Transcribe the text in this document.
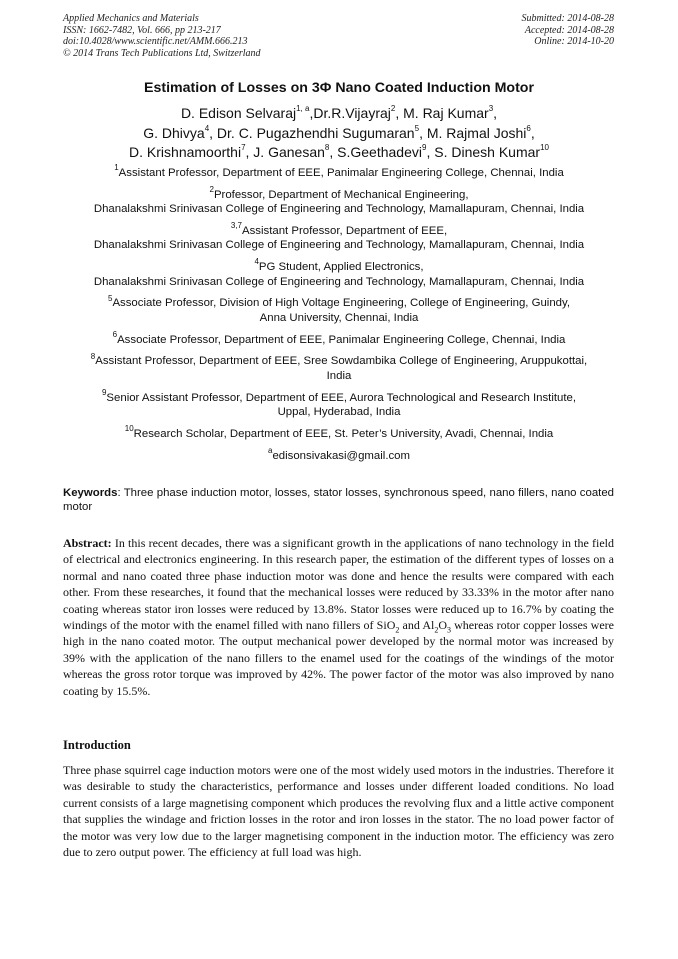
Applied Mechanics and Materials
ISSN: 1662-7482, Vol. 666, pp 213-217
doi:10.4028/www.scientific.net/AMM.666.213
© 2014 Trans Tech Publications Ltd, Switzerland
Submitted: 2014-08-28
Accepted: 2014-08-28
Online: 2014-10-20
Estimation of Losses on 3Φ Nano Coated Induction Motor
D. Edison Selvaraj$^{1, a}$,Dr.R.Vijayraj$^2$, M. Raj Kumar$^3$,
G. Dhivya$^4$, Dr. C. Pugazhendhi Sugumaran$^5$, M. Rajmal Joshi$^6$,
D. Krishnamoorthi$^7$, J. Ganesan$^8$, S.Geethadevi$^9$, S. Dinesh Kumar$^{10}$
$^1$Assistant Professor, Department of EEE, Panimalar Engineering College, Chennai, India
$^2$Professor, Department of Mechanical Engineering,
Dhanalakshmi Srinivasan College of Engineering and Technology, Mamallapuram, Chennai, India
$^{3,7}$Assistant Professor, Department of EEE,
Dhanalakshmi Srinivasan College of Engineering and Technology, Mamallapuram, Chennai, India
$^4$PG Student, Applied Electronics,
Dhanalakshmi Srinivasan College of Engineering and Technology, Mamallapuram, Chennai, India
$^5$Associate Professor, Division of High Voltage Engineering, College of Engineering, Guindy,
Anna University, Chennai, India
$^6$Associate Professor, Department of EEE, Panimalar Engineering College, Chennai, India
$^8$Assistant Professor, Department of EEE, Sree Sowdambika College of Engineering, Aruppukottai,
India
$^9$Senior Assistant Professor, Department of EEE, Aurora Technological and Research Institute,
Uppal, Hyderabad, India
$^{10}$Research Scholar, Department of EEE, St. Peter’s University, Avadi, Chennai, India
$^a$edisonsivakasi@gmail.com
Keywords: Three phase induction motor, losses, stator losses, synchronous speed, nano fillers, nano coated motor
Abstract: In this recent decades, there was a significant growth in the applications of nano technology in the field of electrical and electronics engineering. In this research paper, the estimation of the different types of losses on a normal and nano coated three phase induction motor was done and hence the results were compared with each other. From these researches, it found that the mechanical losses were reduced by 33.33% in the motor after nano coating whereas stator iron losses were reduced by 13.8%. Stator losses were reduced up to 16.7% by coating the windings of the motor with the enamel filled with nano fillers of SiO$_2$ and $Al_2O_3$ whereas rotor copper losses were high in the nano coated motor. The output mechanical power developed by the normal motor was increased by 39% with the application of the nano fillers to the enamel used for the coatings of the windings of the motor whereas the gross rotor torque was improved by 42%. The power factor of the motor was also improved by nano coating by 15.5%.
Introduction
Three phase squirrel cage induction motors were one of the most widely used motors in the industries. Therefore it was desirable to study the characteristics, performance and losses under different loaded conditions. No load current consists of a large magnetising component which produces the revolving flux and a little active component that supplies the windage and friction losses in the rotor and iron losses in the stator. The no load power factor of the motor was very low due to the larger magnetising component in the induction motor. The efficiency was zero due to zero output power. The efficiency at full load was high.
